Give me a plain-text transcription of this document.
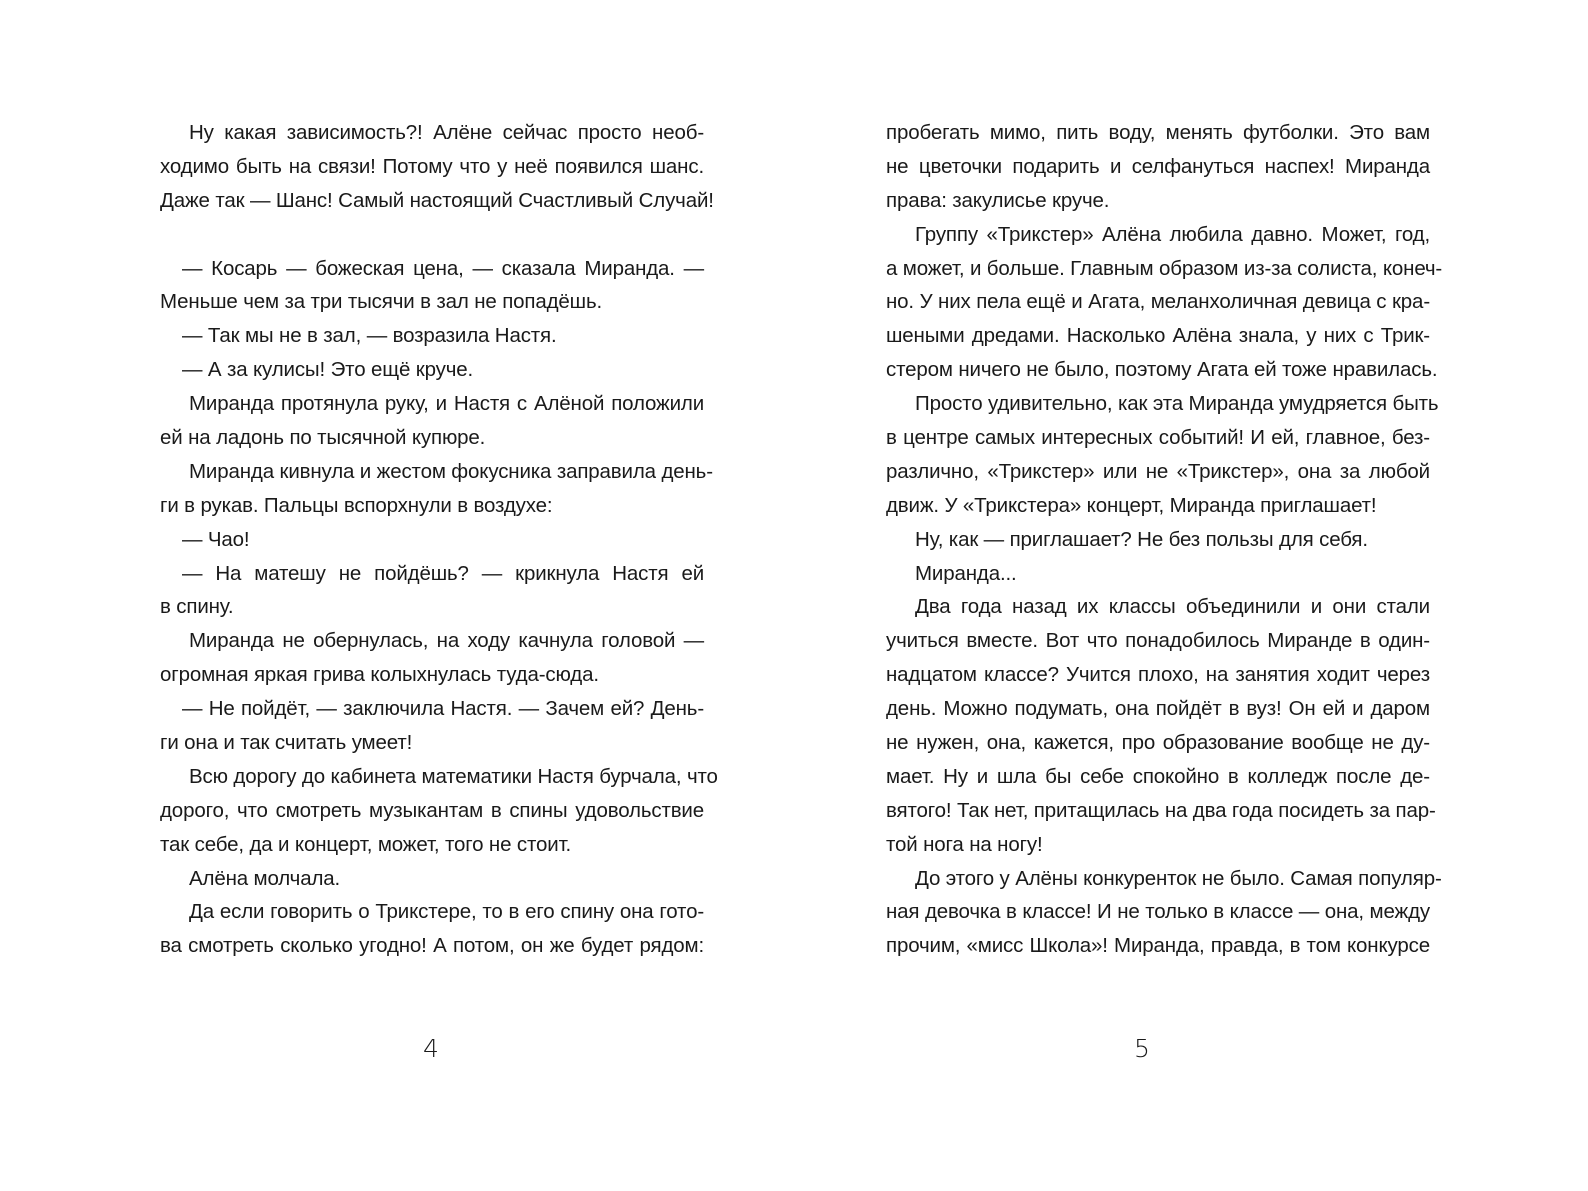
Ну какая зависимость?! Алёне сейчас просто необ-
ходимо быть на связи! Потому что у неё появился шанс.
Даже так — Шанс! Самый настоящий Счастливый Случай!
— Косарь — божеская цена, — сказала Миранда. —
Меньше чем за три тысячи в зал не попадёшь.
— Так мы не в зал, — возразила Настя.
— А за кулисы! Это ещё круче.
Миранда протянула руку, и Настя с Алёной положили
ей на ладонь по тысячной купюре.
Миранда кивнула и жестом фокусника заправила день-
ги в рукав. Пальцы вспорхнули в воздухе:
— Чао!
— На матешу не пойдёшь? — крикнула Настя ей
в спину.
Миранда не обернулась, на ходу качнула головой —
огромная яркая грива колыхнулась туда-сюда.
— Не пойдёт, — заключила Настя. — Зачем ей? День-
ги она и так считать умеет!
Всю дорогу до кабинета математики Настя бурчала, что
дорого, что смотреть музыкантам в спины удовольствие
так себе, да и концерт, может, того не стоит.
Алёна молчала.
Да если говорить о Трикстере, то в его спину она гото-
ва смотреть сколько угодно! А потом, он же будет рядом:
4
пробегать мимо, пить воду, менять футболки. Это вам
не цветочки подарить и селфануться наспех! Миранда
права: закулисье круче.
Группу «Трикстер» Алёна любила давно. Может, год,
а может, и больше. Главным образом из-за солиста, конеч-
но. У них пела ещё и Агата, меланхоличная девица с кра-
шеными дредами. Насколько Алёна знала, у них с Трик-
стером ничего не было, поэтому Агата ей тоже нравилась.
Просто удивительно, как эта Миранда умудряется быть
в центре самых интересных событий! И ей, главное, без-
различно, «Трикстер» или не «Трикстер», она за любой
движ. У «Трикстера» концерт, Миранда приглашает!
Ну, как — приглашает? Не без пользы для себя.
Миранда...
Два года назад их классы объединили и они стали
учиться вместе. Вот что понадобилось Миранде в один-
надцатом классе? Учится плохо, на занятия ходит через
день. Можно подумать, она пойдёт в вуз! Он ей и даром
не нужен, она, кажется, про образование вообще не ду-
мает. Ну и шла бы себе спокойно в колледж после де-
вятого! Так нет, притащилась на два года посидеть за пар-
той нога на ногу!
До этого у Алёны конкуренток не было. Самая популяр-
ная девочка в классе! И не только в классе — она, между
прочим, «мисс Школа»! Миранда, правда, в том конкурсе
5
